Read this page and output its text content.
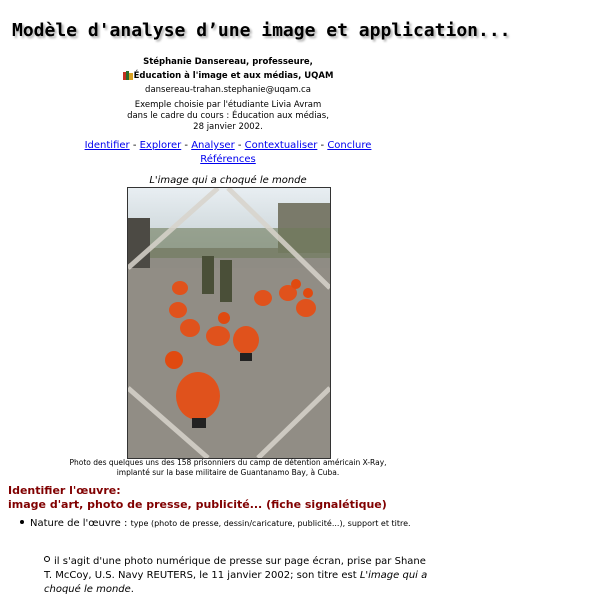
Modèle d'analyse d’une image et application...
Stéphanie Dansereau, professeure,
Éducation à l'image et aux médias, UQAM
dansereau-trahan.stephanie@uqam.ca
Exemple choisie par l'étudiante Livia Avram
dans le cadre du cours : Éducation aux médias,
28 janvier 2002.
Identifier - Explorer - Analyser - Contextualiser - Conclure
Références
L'image qui a choqué le monde
Photo des quelques uns des 158 prisonniers du camp de détention américain X-Ray,
implanté sur la base militaire de Guantanamo Bay, à Cuba.
Identifier l'œuvre:
image d'art, photo de presse, publicité... (fiche signalétique)
Nature de l'œuvre : type (photo de presse, dessin/caricature, publicité...), support et titre.
il s'agit d'une photo numérique de presse sur page écran, prise par Shane T. McCoy, U.S. Navy REUTERS, le 11 janvier 2002; son titre est L'image qui a choqué le monde.
